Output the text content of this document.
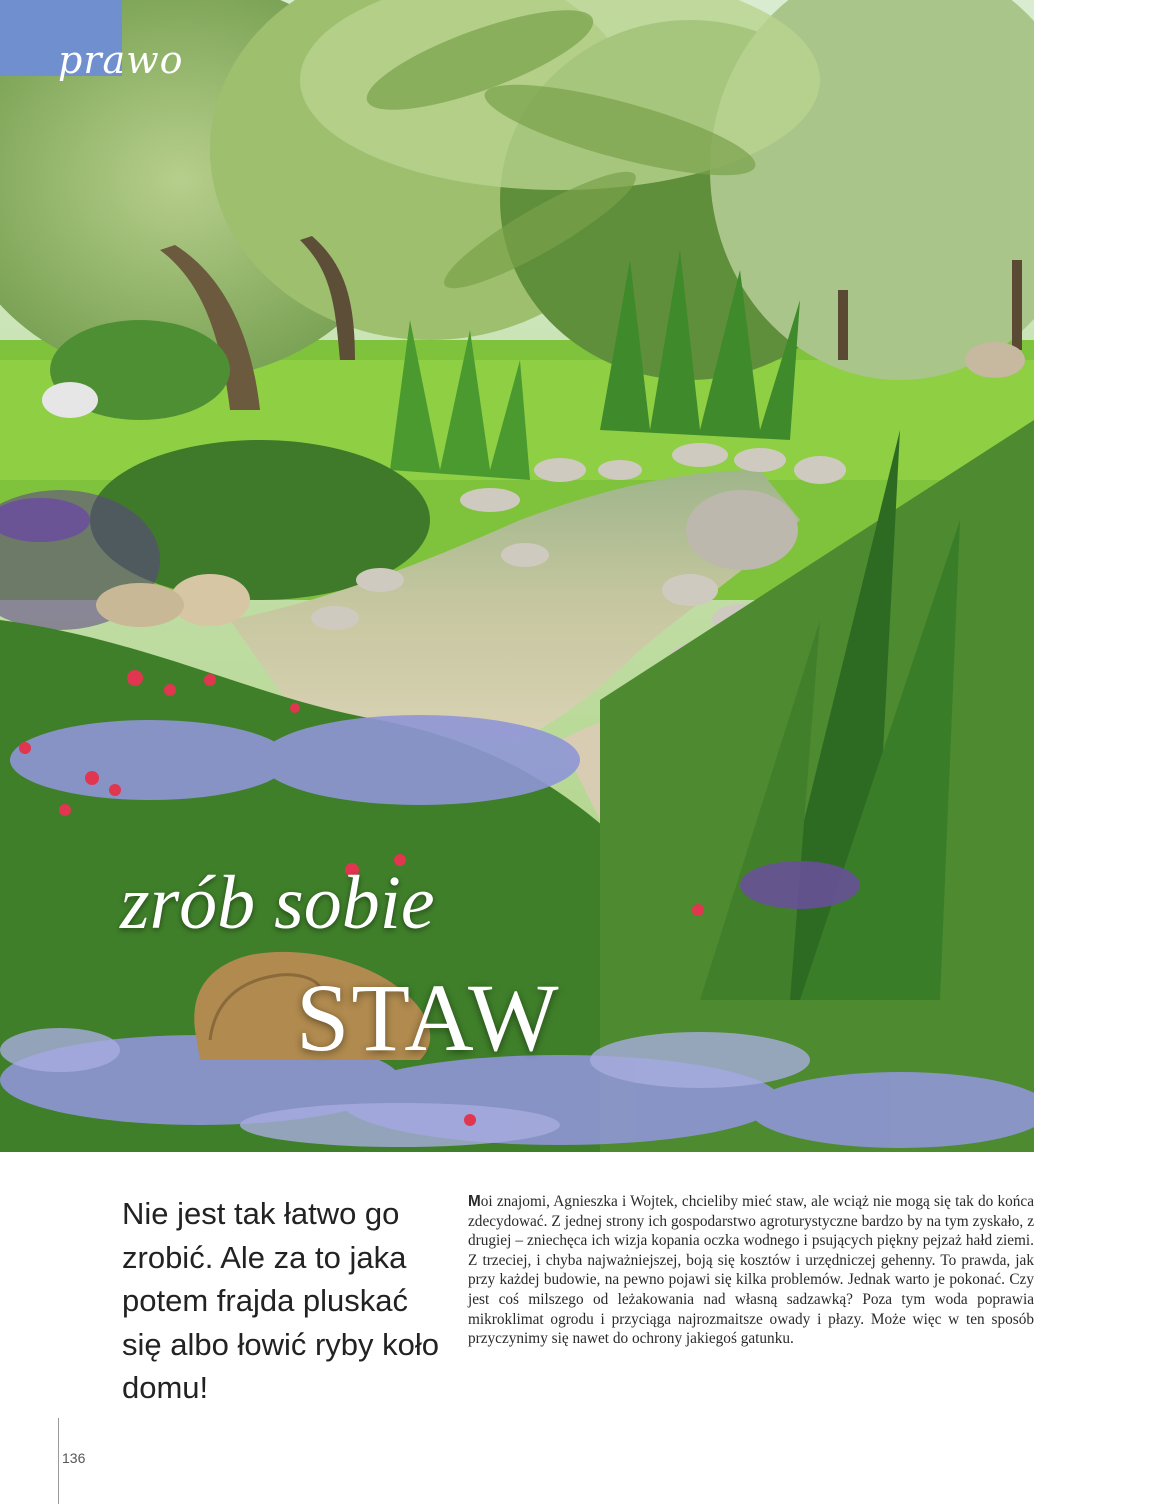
prawo
zrób sobie
STAW
Nie jest tak łatwo go zrobić. Ale za to jaka potem frajda pluskać się albo łowić ryby koło domu!
Moi znajomi, Agnieszka i Wojtek, chcieliby mieć staw, ale wciąż nie mogą się tak do końca zdecydować. Z jednej strony ich gospodarstwo agroturystyczne bardzo by na tym zyskało, z drugiej – zniechęca ich wizja kopania oczka wodnego i psujących piękny pejzaż hałd ziemi. Z trzeciej, i chyba najważniejszej, boją się kosztów i urzędniczej gehenny. To prawda, jak przy każdej budowie, na pewno pojawi się kilka problemów. Jednak warto je pokonać. Czy jest coś milszego od leżakowania nad własną sadzawką? Poza tym woda poprawia mikroklimat ogrodu i przyciąga najrozmaitsze owady i płazy. Może więc w ten sposób przyczynimy się nawet do ochrony jakiegoś gatunku.
136
